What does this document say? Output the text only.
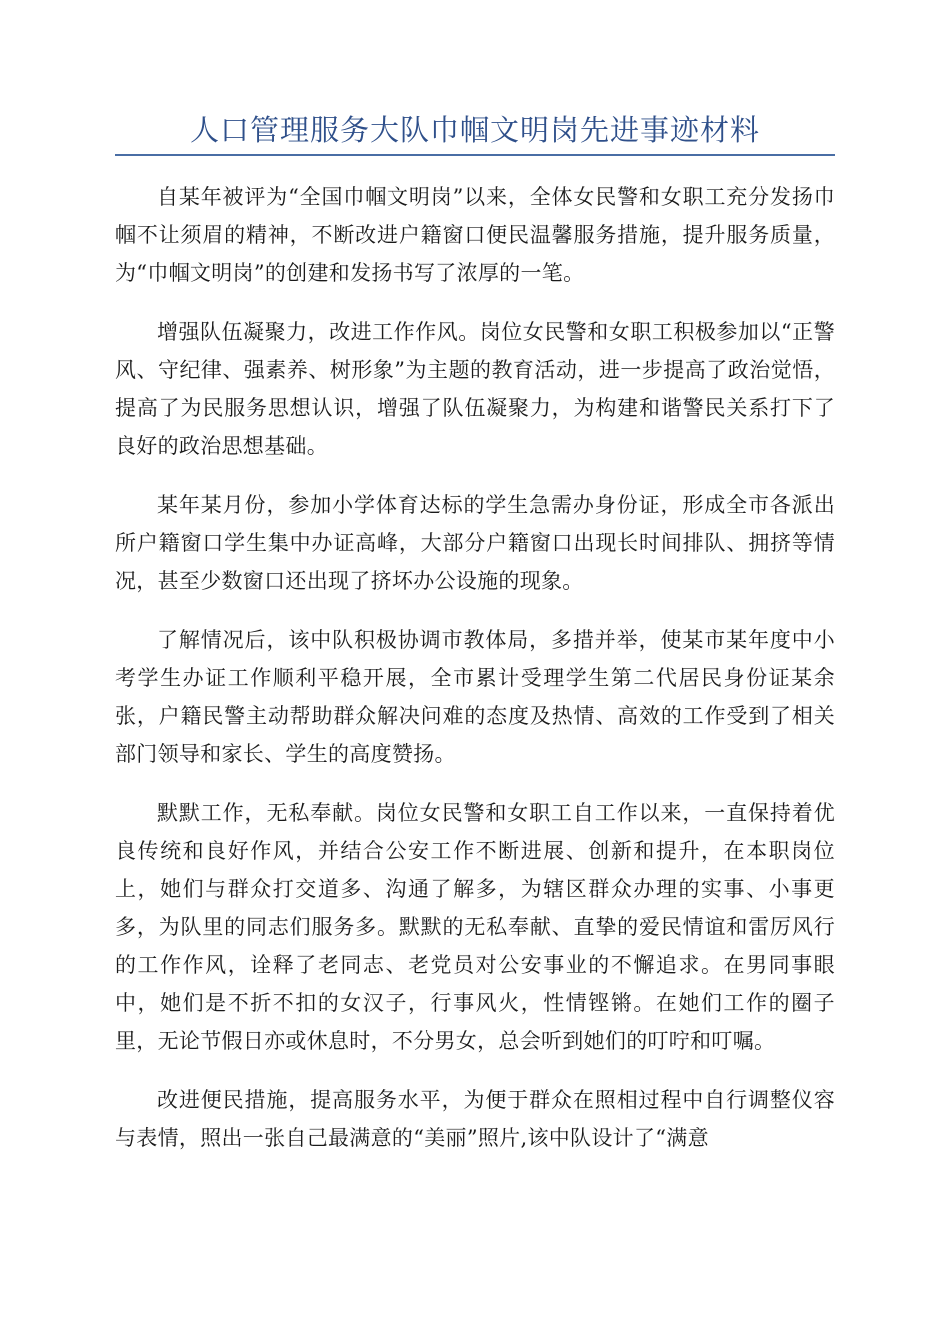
人口管理服务大队巾帼文明岗先进事迹材料

自某年被评为“全国巾帼文明岗”以来，全体女民警和女职工充分发扬巾帼不让须眉的精神，不断改进户籍窗口便民温馨服务措施，提升服务质量，为“巾帼文明岗”的创建和发扬书写了浓厚的一笔。

增强队伍凝聚力，改进工作作风。岗位女民警和女职工积极参加以“正警风、守纪律、强素养、树形象”为主题的教育活动，进一步提高了政治觉悟，提高了为民服务思想认识，增强了队伍凝聚力，为构建和谐警民关系打下了良好的政治思想基础。

某年某月份，参加小学体育达标的学生急需办身份证，形成全市各派出所户籍窗口学生集中办证高峰，大部分户籍窗口出现长时间排队、拥挤等情况，甚至少数窗口还出现了挤坏办公设施的现象。

了解情况后，该中队积极协调市教体局，多措并举，使某市某年度中小考学生办证工作顺利平稳开展，全市累计受理学生第二代居民身份证某余张，户籍民警主动帮助群众解决问难的态度及热情、高效的工作受到了相关部门领导和家长、学生的高度赞扬。

默默工作，无私奉献。岗位女民警和女职工自工作以来，一直保持着优良传统和良好作风，并结合公安工作不断进展、创新和提升，在本职岗位上，她们与群众打交道多、沟通了解多，为辖区群众办理的实事、小事更多，为队里的同志们服务多。默默的无私奉献、直挚的爱民情谊和雷厉风行的工作作风，诠释了老同志、老党员对公安事业的不懈追求。在男同事眼中，她们是不折不扣的女汉子，行事风火，性情铿锵。在她们工作的圈子里，无论节假日亦或休息时，不分男女，总会听到她们的叮咛和叮嘱。

改进便民措施，提高服务水平，为便于群众在照相过程中自行调整仪容与表情，照出一张自己最满意的“美丽”照片,该中队设计了“满意
